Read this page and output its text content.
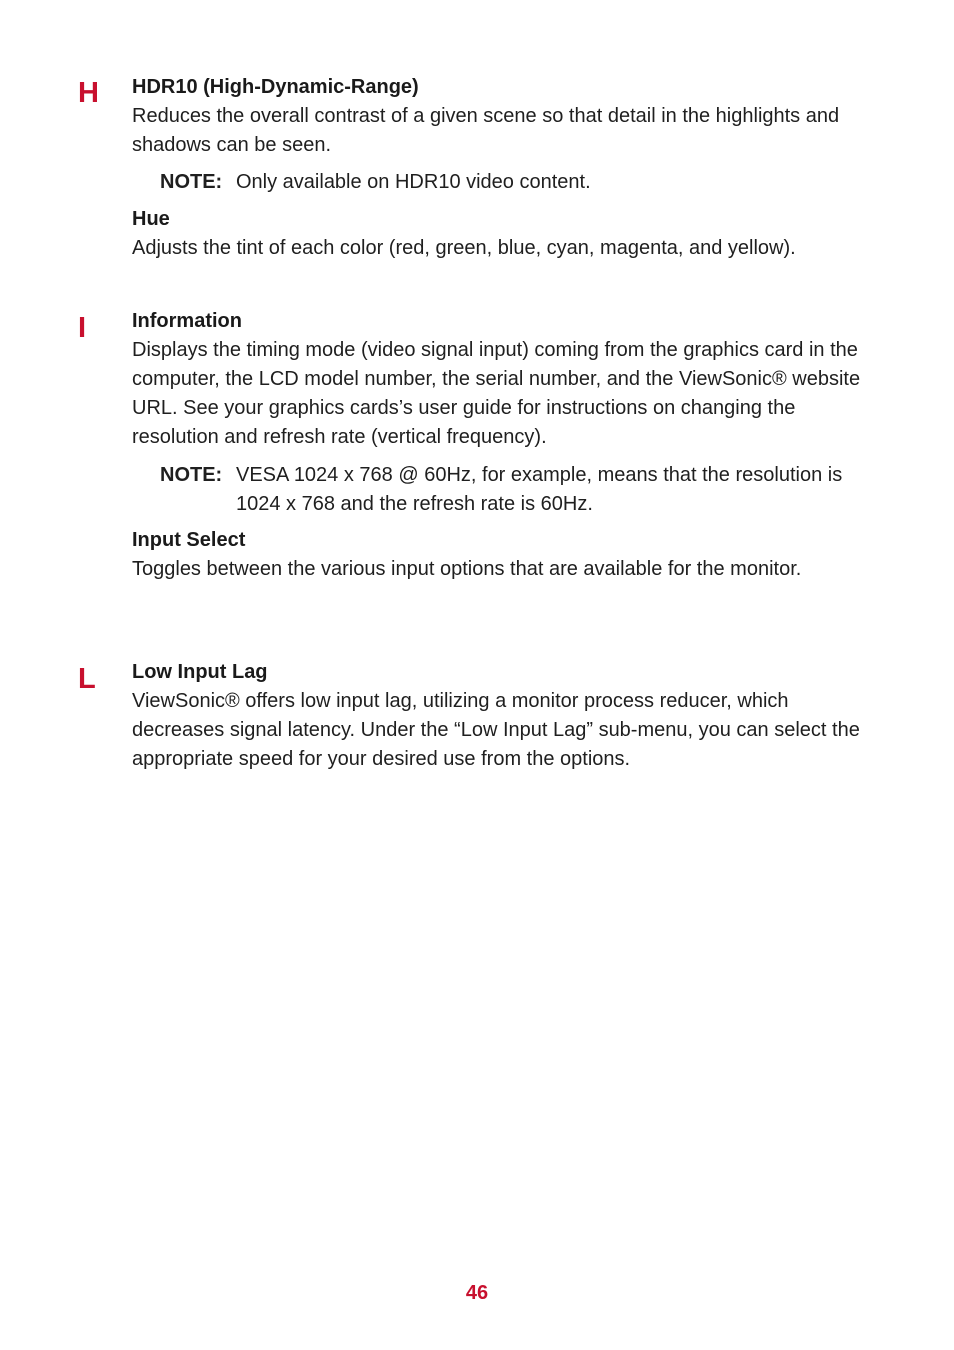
H HDR10 (High-Dynamic-Range)

Reduces the overall contrast of a given scene so that detail in the highlights and shadows can be seen.

NOTE: Only available on HDR10 video content.

Hue

Adjusts the tint of each color (red, green, blue, cyan, magenta, and yellow).

I Information

Displays the timing mode (video signal input) coming from the graphics card in the computer, the LCD model number, the serial number, and the ViewSonic® website URL. See your graphics cards’s user guide for instructions on changing the resolution and refresh rate (vertical frequency).

NOTE: VESA 1024 x 768 @ 60Hz, for example, means that the resolution is 1024 x 768 and the refresh rate is 60Hz.

Input Select

Toggles between the various input options that are available for the monitor.

L Low Input Lag

ViewSonic® offers low input lag, utilizing a monitor process reducer, which decreases signal latency. Under the “Low Input Lag” sub-menu, you can select the appropriate speed for your desired use from the options.

46
